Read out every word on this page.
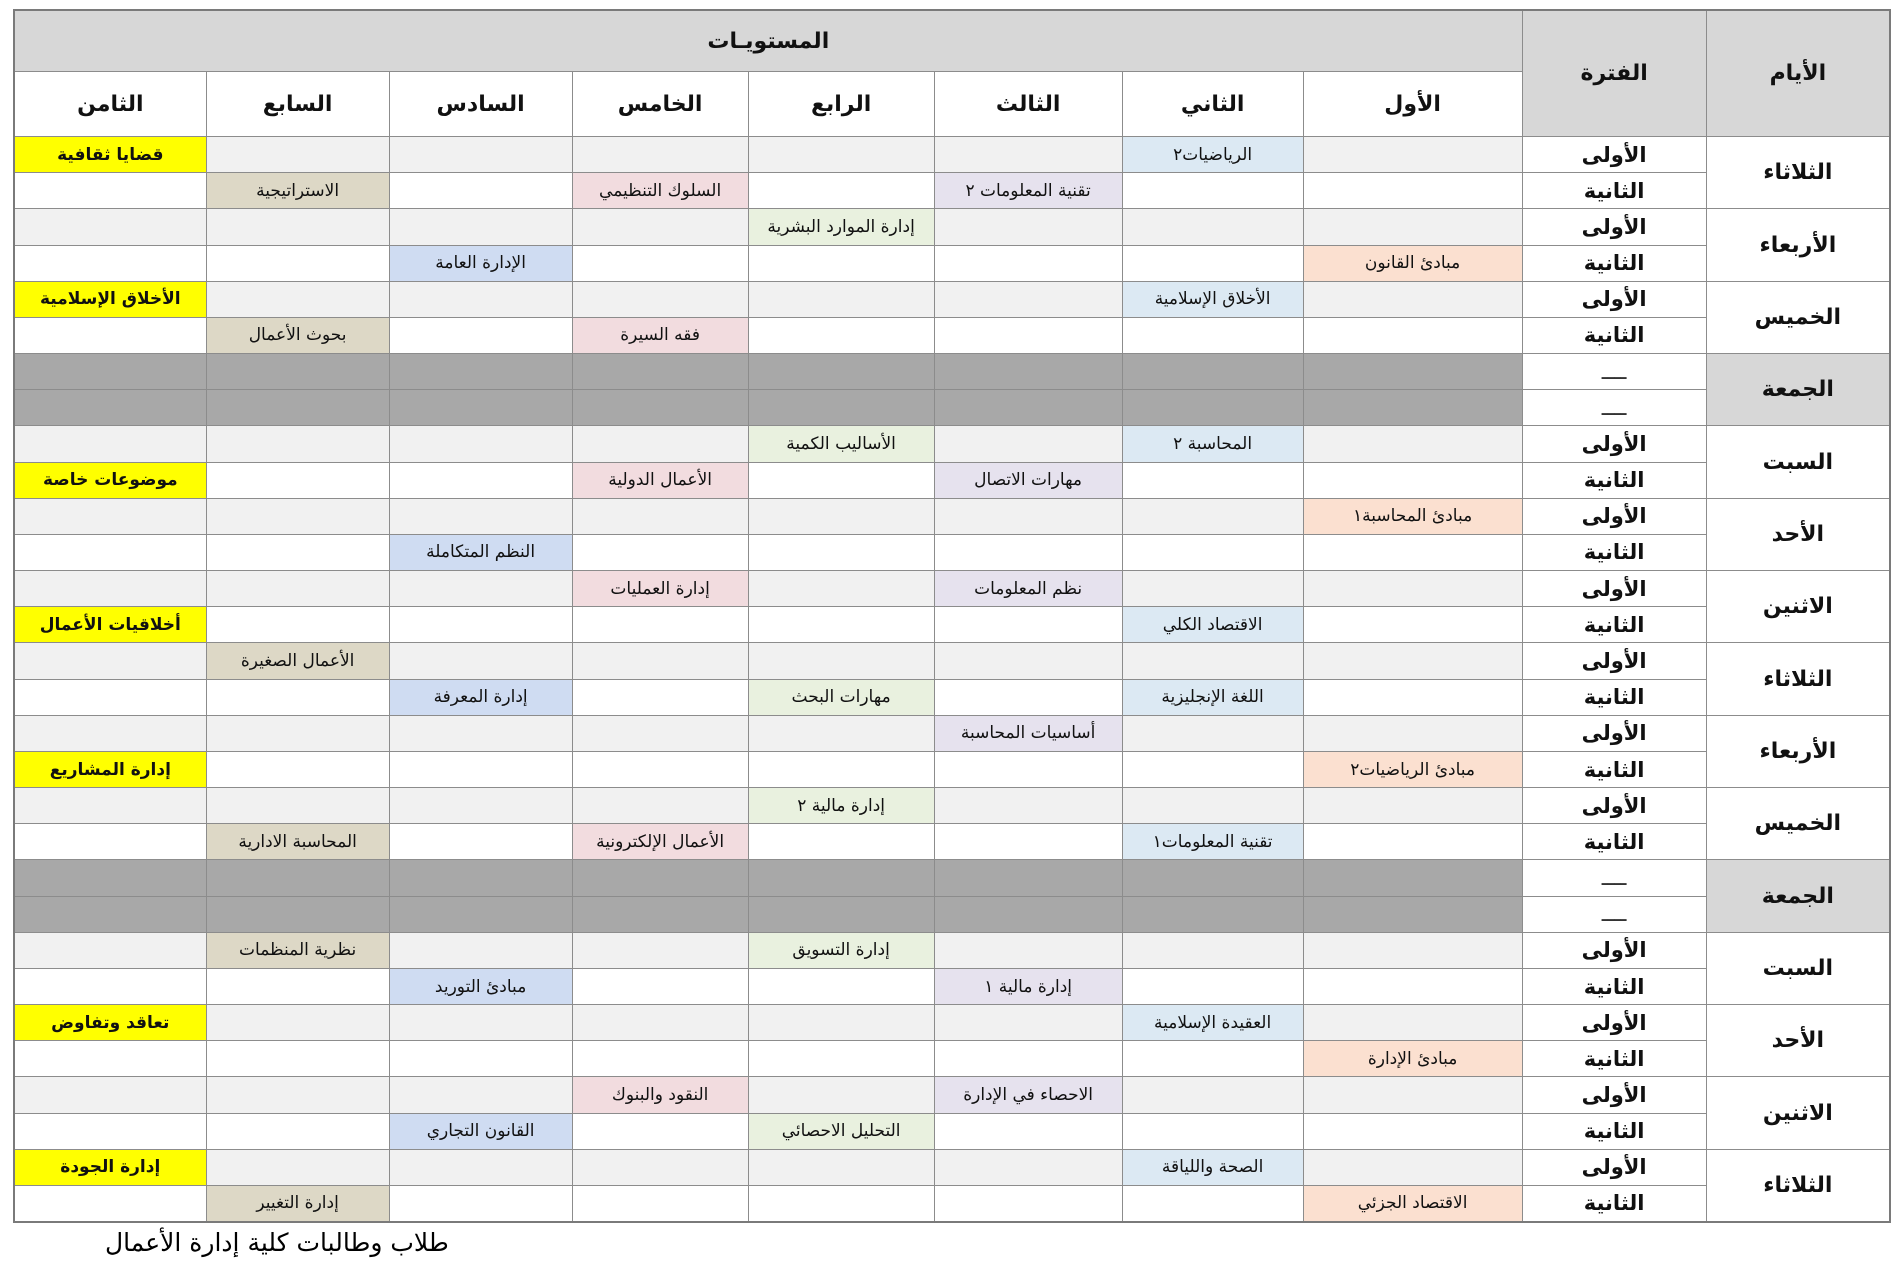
الأيام	الفترة	المستويـات							
		الأول	الثاني	الثالث	الرابع	الخامس	السادس	السابع	الثامن
الثلاثاء	الأولى		الرياضيات٢						قضايا ثقافية
	الثانية			تقنية المعلومات ٢		السلوك التنظيمي		الاستراتيجية	
الأربعاء	الأولى				إدارة الموارد البشرية				
	الثانية	مبادئ القانون					الإدارة العامة		
الخميس	الأولى		الأخلاق الإسلامية						الأخلاق الإسلامية
	الثانية					فقه السيرة		بحوث الأعمال	
الجمعة	ــــ								
	ــــ								
السبت	الأولى		المحاسبة ٢		الأساليب الكمية				
	الثانية			مهارات الاتصال		الأعمال الدولية			موضوعات خاصة
الأحد	الأولى	مبادئ المحاسبة١							
	الثانية						النظم المتكاملة		
الاثنين	الأولى			نظم المعلومات		إدارة العمليات			
	الثانية		الاقتصاد الكلي						أخلاقيات الأعمال
الثلاثاء	الأولى							الأعمال الصغيرة	
	الثانية		اللغة الإنجليزية		مهارات البحث		إدارة المعرفة		
الأربعاء	الأولى			أساسيات المحاسبة					
	الثانية	مبادئ الرياضيات٢							إدارة المشاريع
الخميس	الأولى				إدارة مالية ٢				
	الثانية		تقنية المعلومات١			الأعمال الإلكترونية		المحاسبة الادارية	
الجمعة	ــــ								
	ــــ								
السبت	الأولى				إدارة التسويق			نظرية المنظمات	
	الثانية			إدارة مالية ١			مبادئ التوريد		
الأحد	الأولى		العقيدة الإسلامية						تعاقد وتفاوض
	الثانية	مبادئ الإدارة							
الاثنين	الأولى			الاحصاء في الإدارة		النقود والبنوك			
	الثانية				التحليل الاحصائي		القانون التجاري		
الثلاثاء	الأولى		الصحة واللياقة						إدارة الجودة
	الثانية	الاقتصاد الجزئي						إدارة التغيير	
طلاب وطالبات كلية إدارة الأعمال
